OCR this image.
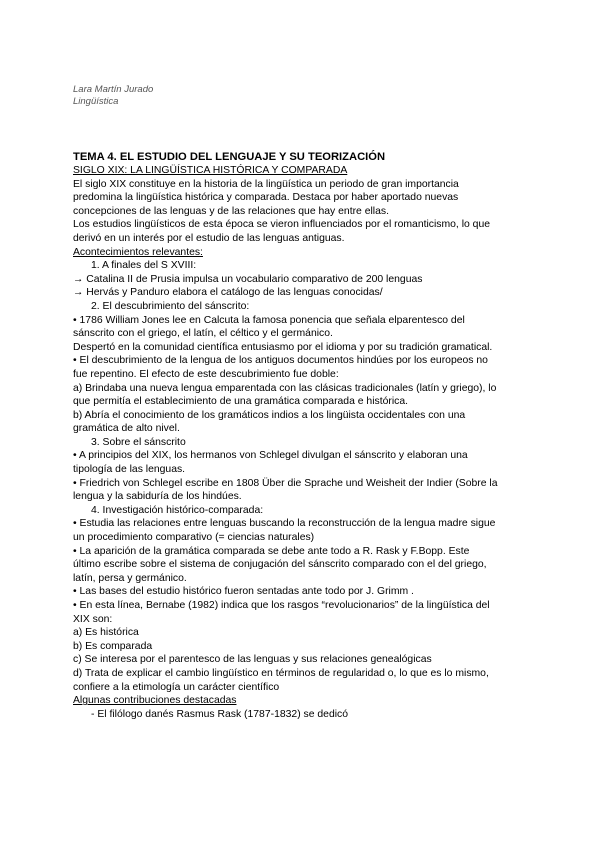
Lara Martín Jurado
Lingüística
TEMA 4. EL ESTUDIO DEL LENGUAJE Y SU TEORIZACIÓN
SIGLO XIX: LA LINGÜÍSTICA HISTÓRICA Y COMPARADA
El siglo XIX constituye en la historia de la lingüística un periodo de gran importancia
predomina la lingüística histórica y comparada. Destaca por haber aportado nuevas
concepciones de las lenguas y de las relaciones que hay entre ellas.
Los estudios lingüísticos de esta época se vieron influenciados por el romanticismo, lo que
derivó en un interés por el estudio de las lenguas antiguas.
Acontecimientos relevantes:
1. A finales del S XVIII:
→ Catalina II de Prusia impulsa un vocabulario comparativo de 200 lenguas
→ Hervás y Panduro elabora el catálogo de las lenguas conocidas/
2. El descubrimiento del sánscrito:
• 1786 William Jones lee en Calcuta la famosa ponencia que señala elparentesco del
sánscrito con el griego, el latín, el céltico y el germánico.
Despertó en la comunidad científica entusiasmo por el idioma y por su tradición gramatical.
• El descubrimiento de la lengua de los antiguos documentos hindúes por los europeos no
fue repentino. El efecto de este descubrimiento fue doble:
a) Brindaba una nueva lengua emparentada con las clásicas tradicionales (latín y griego), lo
que permitía el establecimiento de una gramática comparada e histórica.
b) Abría el conocimiento de los gramáticos indios a los lingüista occidentales con una
gramática de alto nivel.
3. Sobre el sánscrito
• A principios del XIX, los hermanos von Schlegel divulgan el sánscrito y elaboran una
tipología de las lenguas.
• Friedrich von Schlegel escribe en 1808 Über die Sprache und Weisheit der Indier (Sobre la
lengua y la sabiduría de los hindúes.
4. Investigación histórico-comparada:
• Estudia las relaciones entre lenguas buscando la reconstrucción de la lengua madre sigue
un procedimiento comparativo (= ciencias naturales)
• La aparición de la gramática comparada se debe ante todo a R. Rask y F.Bopp. Este
último escribe sobre el sistema de conjugación del sánscrito comparado con el del griego,
latín, persa y germánico.
• Las bases del estudio histórico fueron sentadas ante todo por J. Grimm .
• En esta línea, Bernabe (1982) indica que los rasgos “revolucionarios” de la lingüística del
XIX son:
a) Es histórica
b) Es comparada
c) Se interesa por el parentesco de las lenguas y sus relaciones genealógicas
d) Trata de explicar el cambio lingüístico en términos de regularidad o, lo que es lo mismo,
confiere a la etimología un carácter científico
Algunas contribuciones destacadas
- El filólogo danés Rasmus Rask (1787-1832) se dedicó
